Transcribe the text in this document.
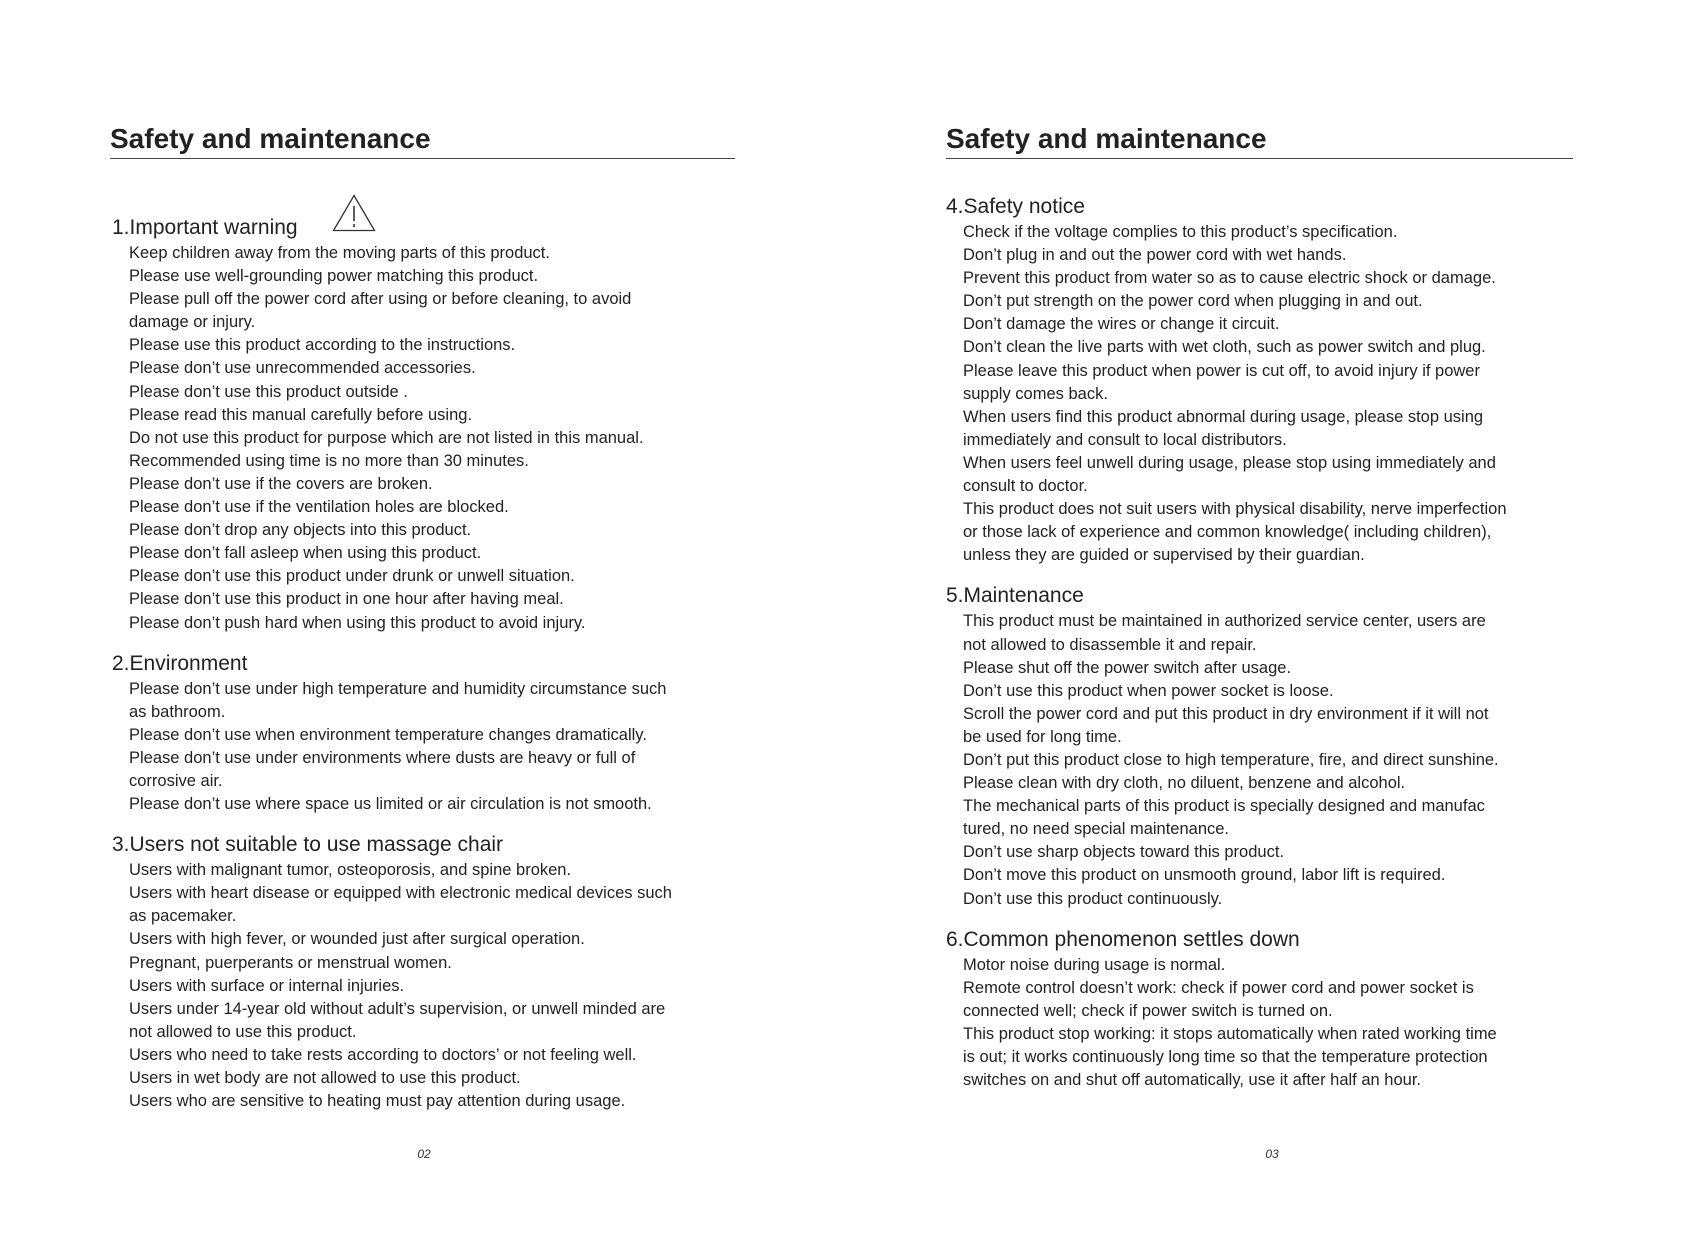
Safety and maintenance
1.Important warning
Keep children away from the moving parts of this product.
Please use well-grounding power matching this product.
Please pull off the power cord after using or before cleaning, to avoid
damage or injury.
Please use this product according to the instructions.
Please don’t use unrecommended accessories.
Please don’t use this product outside .
Please read this manual carefully before using.
Do not use this product for purpose which are not listed in this manual.
Recommended using time is no more than 30 minutes.
Please don’t use if the covers are broken.
Please don’t use if the ventilation holes are blocked.
Please don’t drop any objects into this product.
Please don’t fall asleep when using this product.
Please don’t use this product under drunk or unwell situation.
Please don’t use this product in one hour after having meal.
Please don’t push hard when using this product to avoid injury.
2.Environment
Please don’t use under high temperature and humidity circumstance such
as bathroom.
Please don’t use when environment temperature changes dramatically.
Please don’t use under environments where dusts are heavy or full of
corrosive air.
Please don’t use where space us limited or air circulation is not smooth.
3.Users not suitable to use massage chair
Users with malignant tumor, osteoporosis, and spine broken.
Users with heart disease or equipped with electronic medical devices such
as pacemaker.
Users with high fever, or wounded just after surgical operation.
Pregnant, puerperants or menstrual women.
Users with surface or internal injuries.
Users under 14-year old without adult’s supervision, or unwell minded are
not allowed to use this product.
Users who need to take rests according to doctors’ or not feeling well.
Users in wet body are not allowed to use this product.
Users who are sensitive to heating must pay attention during usage.
02
Safety and maintenance
4.Safety notice
Check if the voltage complies to this product’s specification.
Don’t plug in and out the power cord with wet hands.
Prevent this product from water so as to cause electric shock or damage.
Don’t put strength on the power cord when plugging in and out.
Don’t damage the wires or change it circuit.
Don’t clean the live parts with wet cloth, such as power switch and plug.
Please leave this product when power is cut off, to avoid injury if power
supply comes back.
When users find this product abnormal during usage, please stop using
immediately and consult to local distributors.
When users feel unwell during usage, please stop using immediately and
consult to doctor.
This product does not suit users with physical disability, nerve imperfection
or those lack of experience and common knowledge( including children),
unless they are guided or supervised by their guardian.
5.Maintenance
This product must be maintained in authorized service center, users are
not allowed to disassemble it and repair.
Please shut off the power switch after usage.
Don’t use this product when power socket is loose.
Scroll the power cord and put this product in dry environment if it will not
be used for long time.
Don’t put this product close to high temperature, fire, and direct sunshine.
Please clean with dry cloth, no diluent, benzene and alcohol.
The mechanical parts of this product is specially designed and manufac
tured, no need special maintenance.
Don’t use sharp objects toward this product.
Don’t move this product on unsmooth ground, labor lift is required.
Don’t use this product continuously.
6.Common phenomenon settles down
Motor noise during usage is normal.
Remote control doesn’t work: check if power cord and power socket is
connected well; check if power switch is turned on.
This product stop working: it stops automatically when rated working time
is out; it works continuously long time so that the temperature protection
switches on and shut off automatically, use it after half an hour.
03
